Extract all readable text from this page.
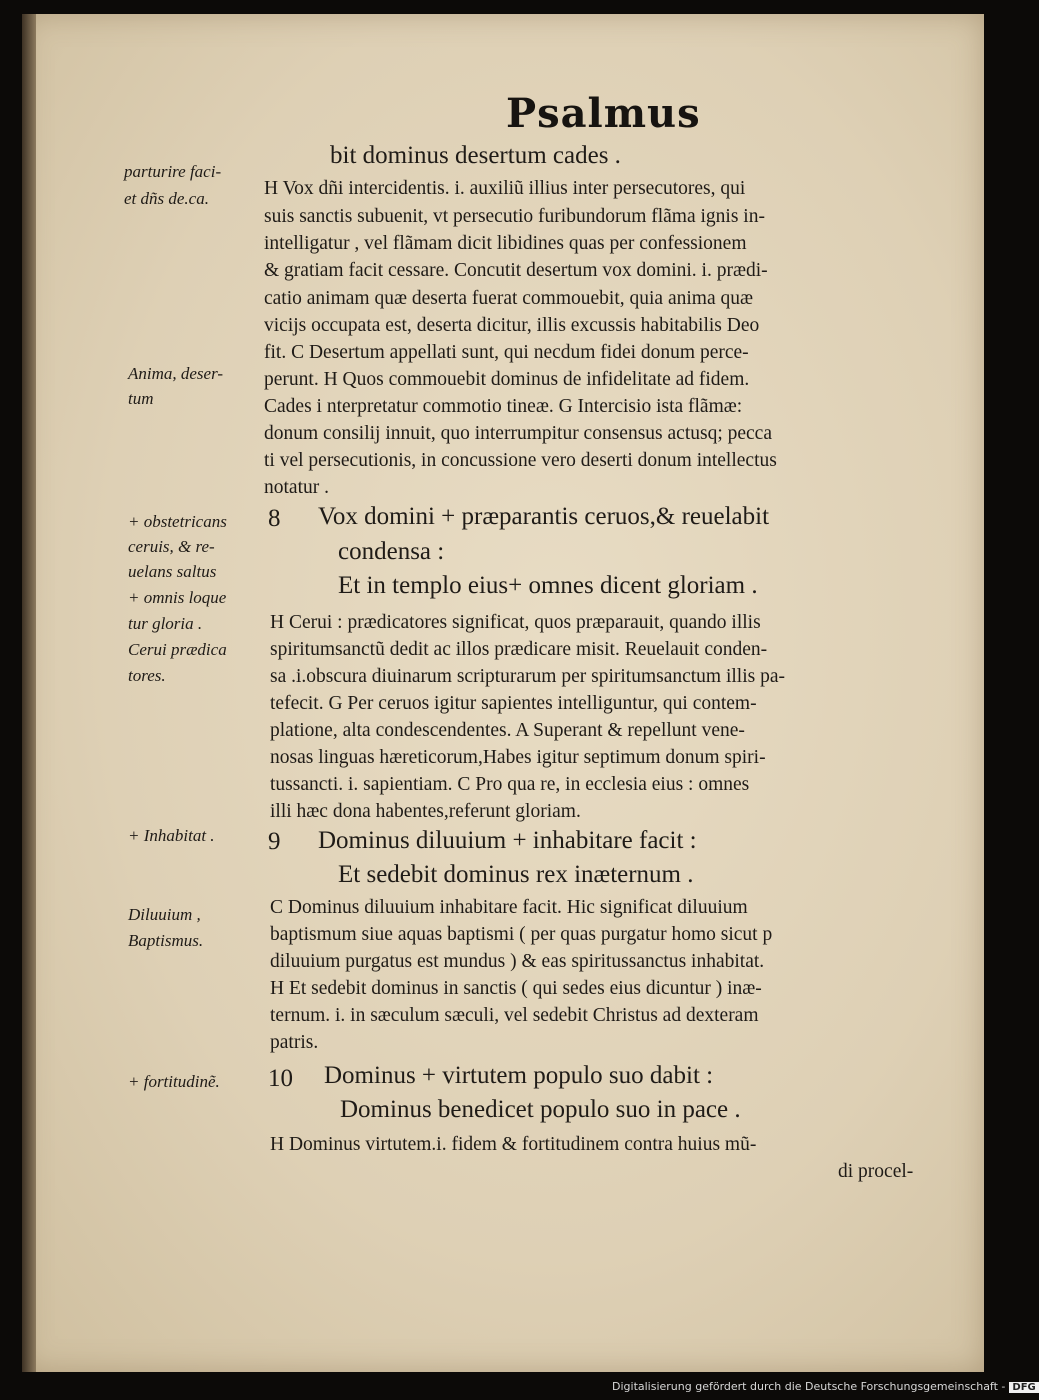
Psalmus
parturire faci-
et dñs de.ca.
Anima, deser-
tum
+ obstetricans
ceruis, & re-
uelans saltus
+ omnis loque
tur gloria .
Cerui prædica
tores.
+ Inhabitat .
Diluuium ,
Baptismus.
+ fortitudinẽ.
8
9
10
bit dominus desertum cades .
H Vox dñi intercidentis. i. auxiliũ illius inter persecutores, qui
suis sanctis subuenit, vt persecutio furibundorum flãma ignis in-
intelligatur , vel flãmam dicit libidines quas per confessionem
& gratiam facit cessare. Concutit desertum vox domini. i. prædi-
catio animam quæ deserta fuerat commouebit, quia anima quæ
vicijs occupata est, deserta dicitur, illis excussis habitabilis Deo
fit. C Desertum appellati sunt, qui necdum fidei donum perce-
perunt. H Quos commouebit dominus de infidelitate ad fidem.
Cades i nterpretatur commotio tineæ. G Intercisio ista flãmæ:
donum consilij innuit, quo interrumpitur consensus actusq; pecca
ti vel persecutionis, in concussione vero deserti donum intellectus
notatur .
Vox domini + præparantis ceruos,& reuelabit
condensa :
Et in templo eius+ omnes dicent gloriam .
H Cerui : prædicatores significat, quos præparauit, quando illis
spiritumsanctũ dedit ac illos prædicare misit. Reuelauit conden-
sa .i.obscura diuinarum scripturarum per spiritumsanctum illis pa-
tefecit. G Per ceruos igitur sapientes intelliguntur, qui contem-
platione, alta condescendentes. A Superant & repellunt vene-
nosas linguas hæreticorum,Habes igitur septimum donum spiri-
tussancti. i. sapientiam. C Pro qua re, in ecclesia eius : omnes
illi hæc dona habentes,referunt gloriam.
Dominus diluuium + inhabitare facit :
Et sedebit dominus rex inæternum .
C Dominus diluuium inhabitare facit. Hic significat diluuium
baptismum siue aquas baptismi ( per quas purgatur homo sicut p
diluuium purgatus est mundus ) & eas spiritussanctus inhabitat.
H Et sedebit dominus in sanctis ( qui sedes eius dicuntur ) inæ-
ternum. i. in sæculum sæculi, vel sedebit Christus ad dexteram
patris.
Dominus + virtutem populo suo dabit :
Dominus benedicet populo suo in pace .
H Dominus virtutem.i. fidem & fortitudinem contra huius mũ-
di procel-
Digitalisierung gefördert durch die Deutsche Forschungsgemeinschaft - DFG
